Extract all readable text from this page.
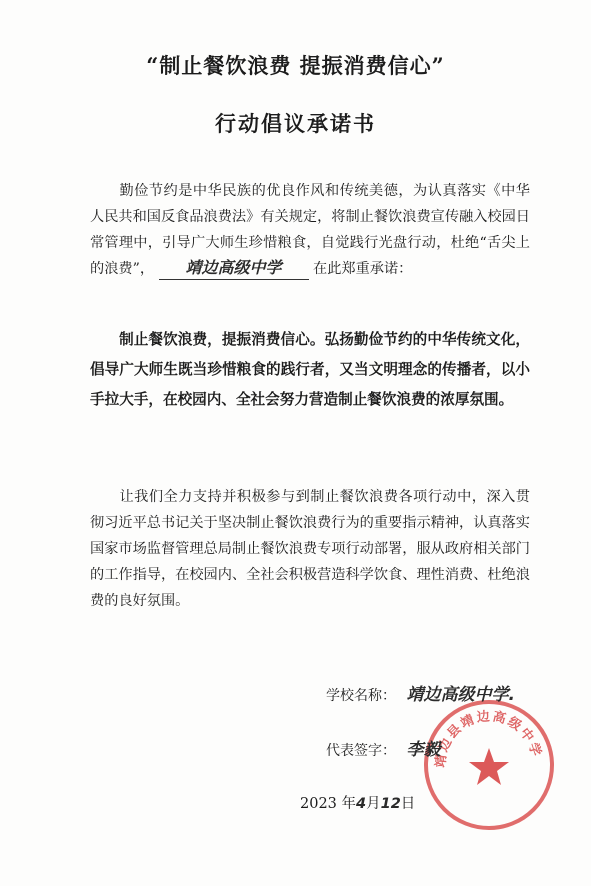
“制止餐饮浪费 提振消费信心”
行动倡议承诺书
勤俭节约是中华民族的优良作风和传统美德，为认真落实《中华人民共和国反食品浪费法》有关规定，将制止餐饮浪费宣传融入校园日常管理中，引导广大师生珍惜粮食，自觉践行光盘行动，杜绝“舌尖上的浪费”， 靖边高级中学 在此郑重承诺：
制止餐饮浪费，提振消费信心。弘扬勤俭节约的中华传统文化，倡导广大师生既当珍惜粮食的践行者，又当文明理念的传播者，以小手拉大手，在校园内、全社会努力营造制止餐饮浪费的浓厚氛围。
让我们全力支持并积极参与到制止餐饮浪费各项行动中，深入贯彻习近平总书记关于坚决制止餐饮浪费行为的重要指示精神，认真落实国家市场监督管理总局制止餐饮浪费专项行动部署，服从政府相关部门的工作指导，在校园内、全社会积极营造科学饮食、理性消费、杜绝浪费的良好氛围。
靖边县靖边高级中学
学校名称： 靖边高级中学.
代表签字： 李毅
2023 年4月12日
